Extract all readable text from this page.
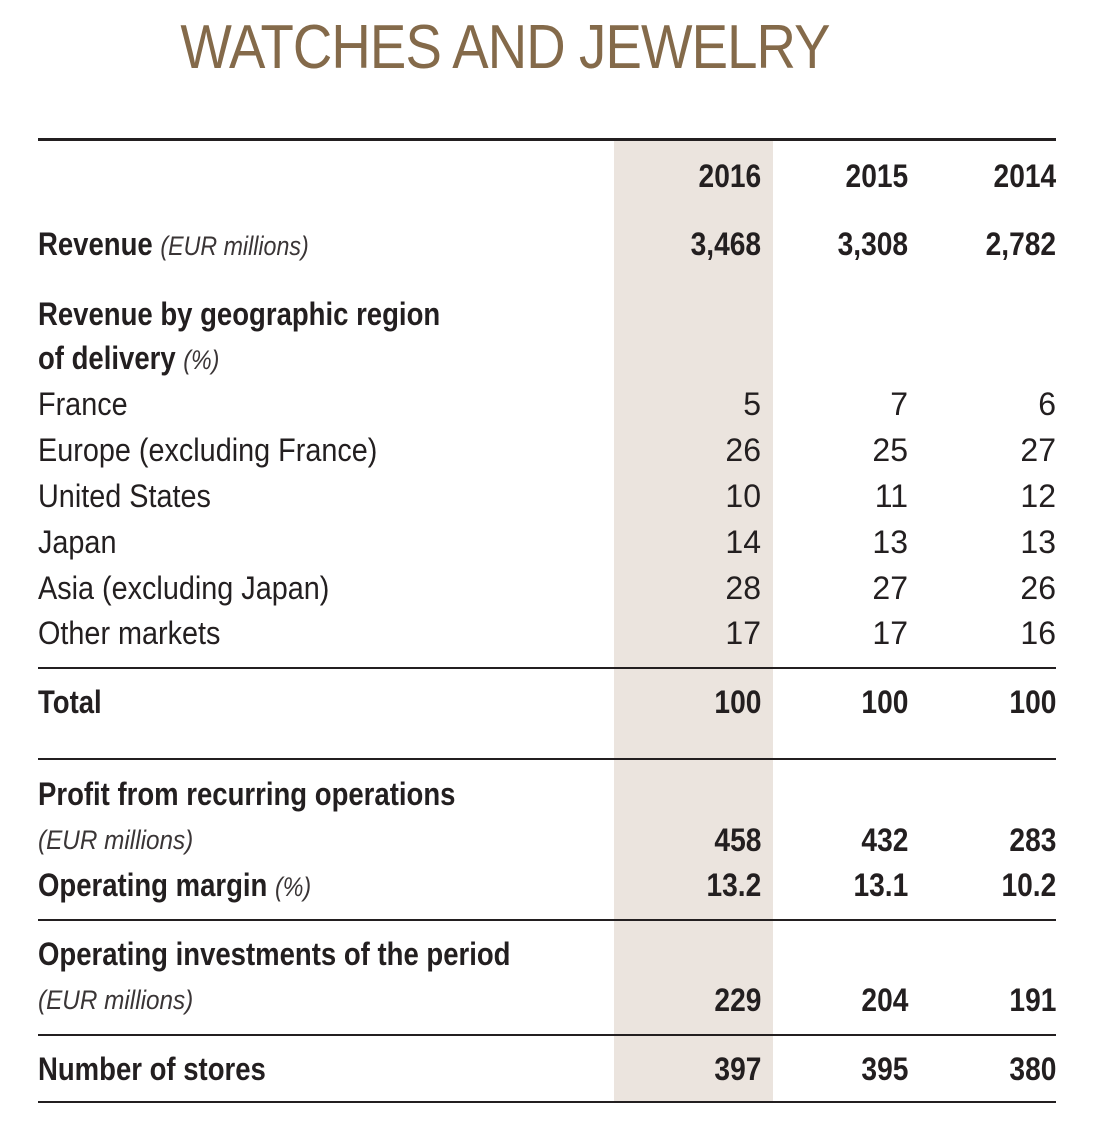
WATCHES AND JEWELRY
2016	2015	2014
Revenue (EUR millions)	3,468	3,308	2,782
Revenue by geographic region
of delivery (%)
France	5	7	6
Europe (excluding France)	26	25	27
United States	10	11	12
Japan	14	13	13
Asia (excluding Japan)	28	27	26
Other markets	17	17	16
Total	100	100	100
Profit from recurring operations
(EUR millions)	458	432	283
Operating margin (%)	13.2	13.1	10.2
Operating investments of the period
(EUR millions)	229	204	191
Number of stores	397	395	380
